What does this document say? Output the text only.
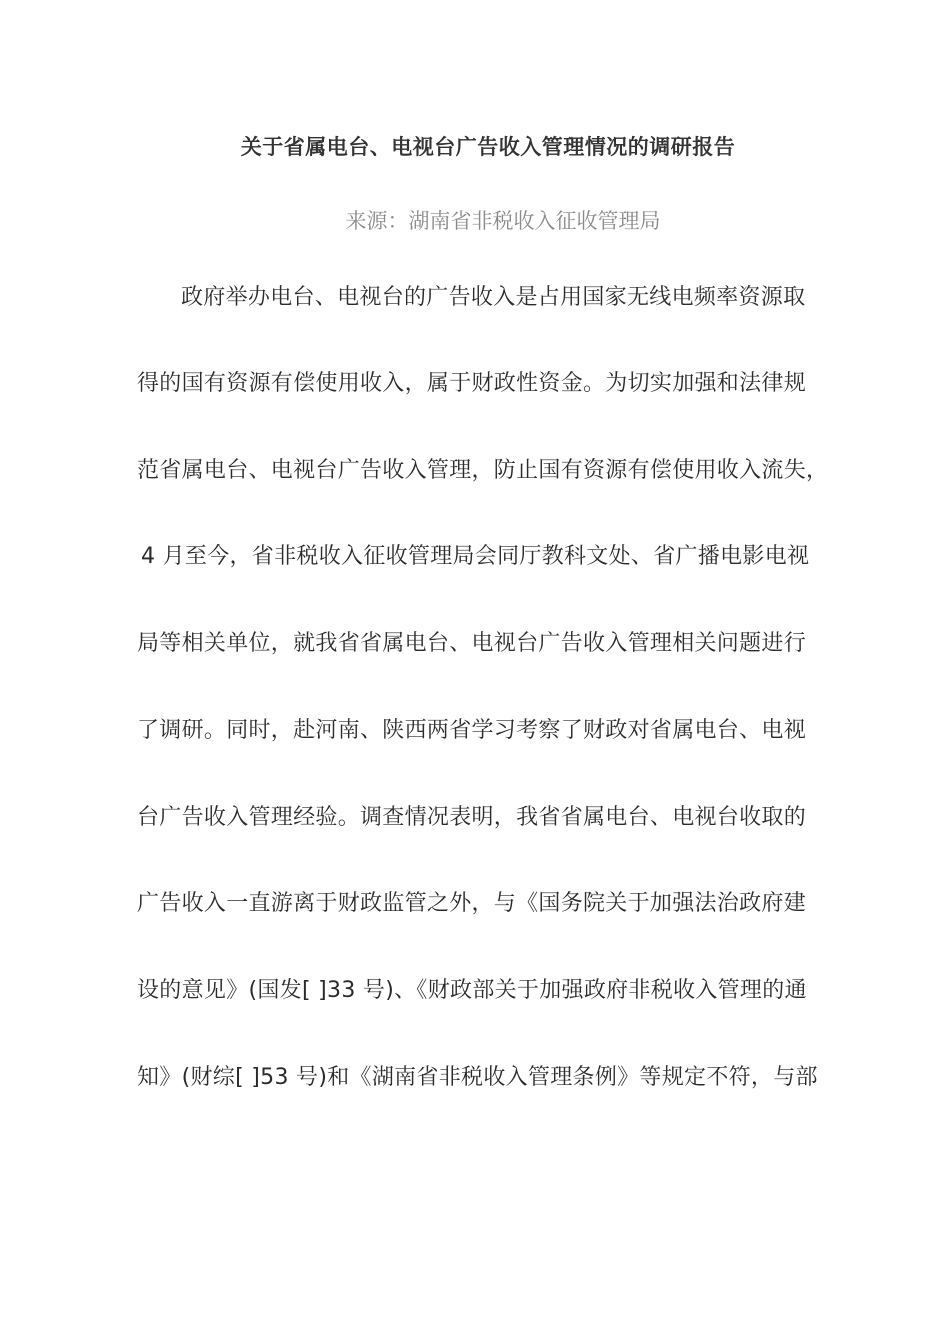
关于省属电台、电视台广告收入管理情况的调研报告
来源：湖南省非税收入征收管理局
政府举办电台、电视台的广告收入是占用国家无线电频率资源取
得的国有资源有偿使用收入，属于财政性资金。为切实加强和法律规
范省属电台、电视台广告收入管理，防止国有资源有偿使用收入流失，
4 月至今，省非税收入征收管理局会同厅教科文处、省广播电影电视
局等相关单位，就我省省属电台、电视台广告收入管理相关问题进行
了调研。同时，赴河南、陕西两省学习考察了财政对省属电台、电视
台广告收入管理经验。调查情况表明，我省省属电台、电视台收取的
广告收入一直游离于财政监管之外，与《国务院关于加强法治政府建
设的意见》(国发[ ]33 号)、《财政部关于加强政府非税收入管理的通
知》(财综[ ]53 号)和《湖南省非税收入管理条例》等规定不符，与部
